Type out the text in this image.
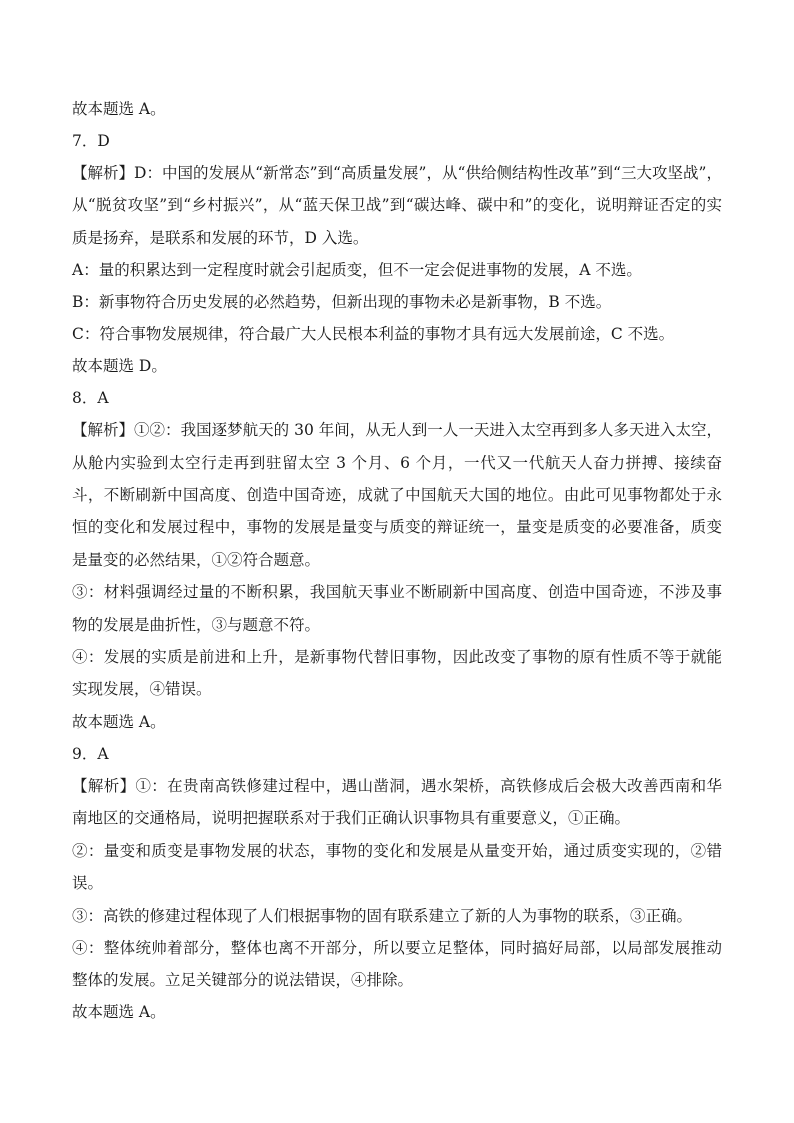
故本题选 A。

7．D

【解析】D：中国的发展从“新常态”到“高质量发展”，从“供给侧结构性改革”到“三大攻坚战”，从“脱贫攻坚”到“乡村振兴”，从“蓝天保卫战”到“碳达峰、碳中和”的变化，说明辩证否定的实质是扬弃，是联系和发展的环节，D 入选。

A：量的积累达到一定程度时就会引起质变，但不一定会促进事物的发展，A 不选。

B：新事物符合历史发展的必然趋势，但新出现的事物未必是新事物，B 不选。

C：符合事物发展规律，符合最广大人民根本利益的事物才具有远大发展前途，C 不选。

故本题选 D。

8．A

【解析】①②：我国逐梦航天的 30 年间，从无人到一人一天进入太空再到多人多天进入太空，从舱内实验到太空行走再到驻留太空 3 个月、6 个月，一代又一代航天人奋力拼搏、接续奋斗，不断刷新中国高度、创造中国奇迹，成就了中国航天大国的地位。由此可见事物都处于永恒的变化和发展过程中，事物的发展是量变与质变的辩证统一，量变是质变的必要准备，质变是量变的必然结果，①②符合题意。

③：材料强调经过量的不断积累，我国航天事业不断刷新中国高度、创造中国奇迹，不涉及事物的发展是曲折性，③与题意不符。

④：发展的实质是前进和上升，是新事物代替旧事物，因此改变了事物的原有性质不等于就能实现发展，④错误。

故本题选 A。

9．A

【解析】①：在贵南高铁修建过程中，遇山凿洞，遇水架桥，高铁修成后会极大改善西南和华南地区的交通格局，说明把握联系对于我们正确认识事物具有重要意义，①正确。

②：量变和质变是事物发展的状态，事物的变化和发展是从量变开始，通过质变实现的，②错误。

③：高铁的修建过程体现了人们根据事物的固有联系建立了新的人为事物的联系，③正确。

④：整体统帅着部分，整体也离不开部分，所以要立足整体，同时搞好局部，以局部发展推动整体的发展。立足关键部分的说法错误，④排除。

故本题选 A。
